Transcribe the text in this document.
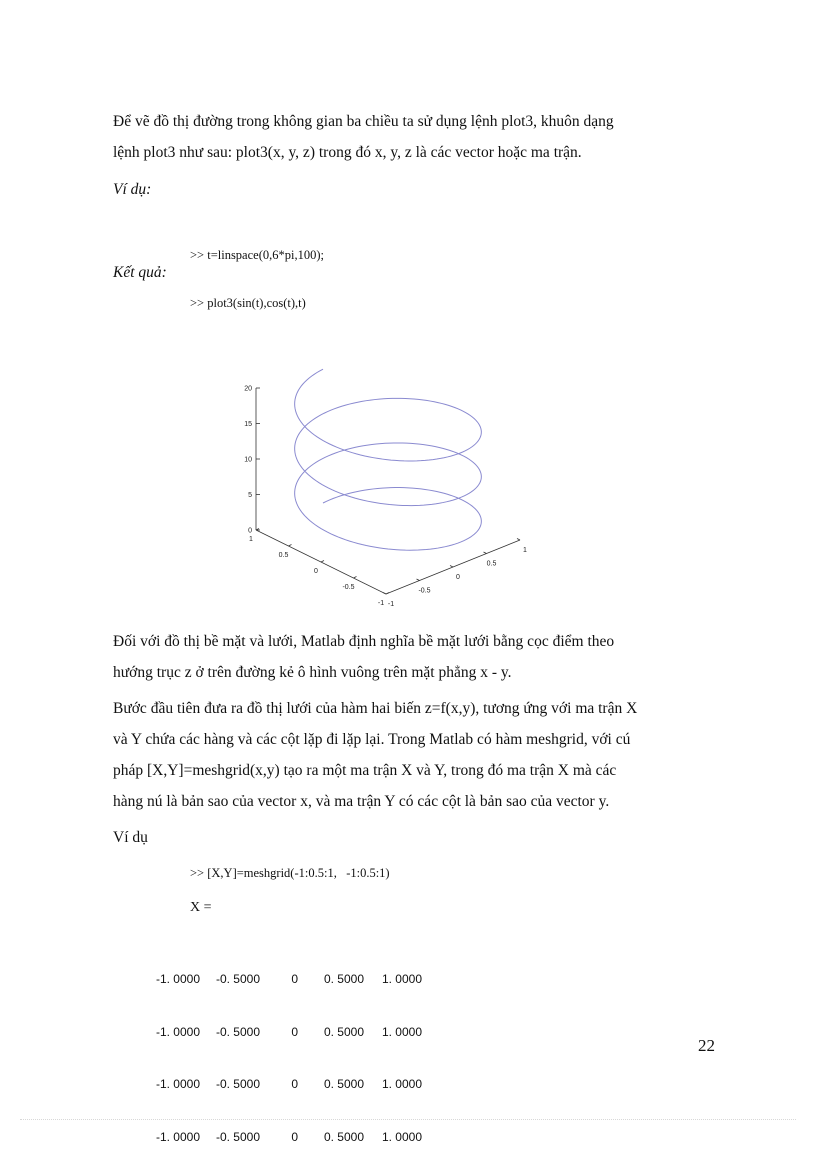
Để vẽ đồ thị đường trong không gian ba chiều ta sử dụng lệnh plot3, khuôn dạng

lệnh plot3 như sau: plot3(x, y, z) trong đó x, y, z là các vector hoặc ma trận.
Ví dụ:

>> t=linspace(0,6*pi,100);

>> plot3(sin(t),cos(t),t)

Kết quả:
0
5
10
15
20
-1
-0.5
0
0.5
1
-1
-0.5
0
0.5
1
Đối với đồ thị bề mặt và lưới, Matlab định nghĩa bề mặt lưới bằng cọc điểm theo

hướng trục z ở trên đường kẻ ô hình vuông trên mặt phẳng x - y.
Bước đầu tiên đưa ra đồ thị lưới của hàm hai biến z=f(x,y), tương ứng với ma trận X
và Y chứa các hàng và các cột lặp đi lặp lại. Trong Matlab có hàm meshgrid, với cú
pháp [X,Y]=meshgrid(x,y) tạo ra một ma trận X và Y, trong đó ma trận X mà các

hàng nú là bản sao của vector x, và ma trận Y có các cột là bản sao của vector y.
Ví dụ
>> [X,Y]=meshgrid(-1:0.5:1,   -1:0.5:1)
X =

-1. 0000 -0. 5000	0 0. 5000 1. 0000

-1. 0000 -0. 5000	0 0. 5000 1. 0000

-1. 0000 -0. 5000	0 0. 5000 1. 0000

-1. 0000 -0. 5000	0 0. 5000 1. 0000

22
